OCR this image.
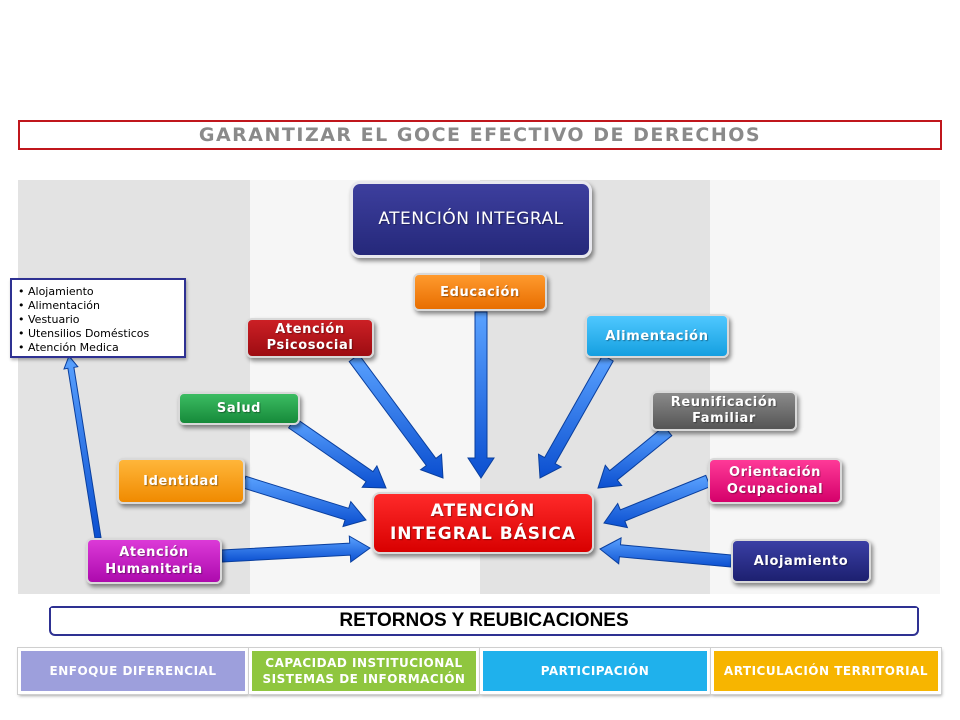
GARANTIZAR EL GOCE EFECTIVO DE DERECHOS
ATENCIÓN INTEGRAL
ATENCIÓN
INTEGRAL BÁSICA
Educación
Atención
Psicosocial
Alimentación
Salud	Reunificación
Familiar
Identidad
Orientación
Ocupacional
Atención
Humanitaria
Alojamiento
• Alojamiento
• Alimentación
• Vestuario
• Utensilios Domésticos
• Atención Medica
RETORNOS Y REUBICACIONES
ENFOQUE DIFERENCIAL
CAPACIDAD INSTITUCIONAL
SISTEMAS DE INFORMACIÓN
PARTICIPACIÓN	ARTICULACIÓN TERRITORIAL
